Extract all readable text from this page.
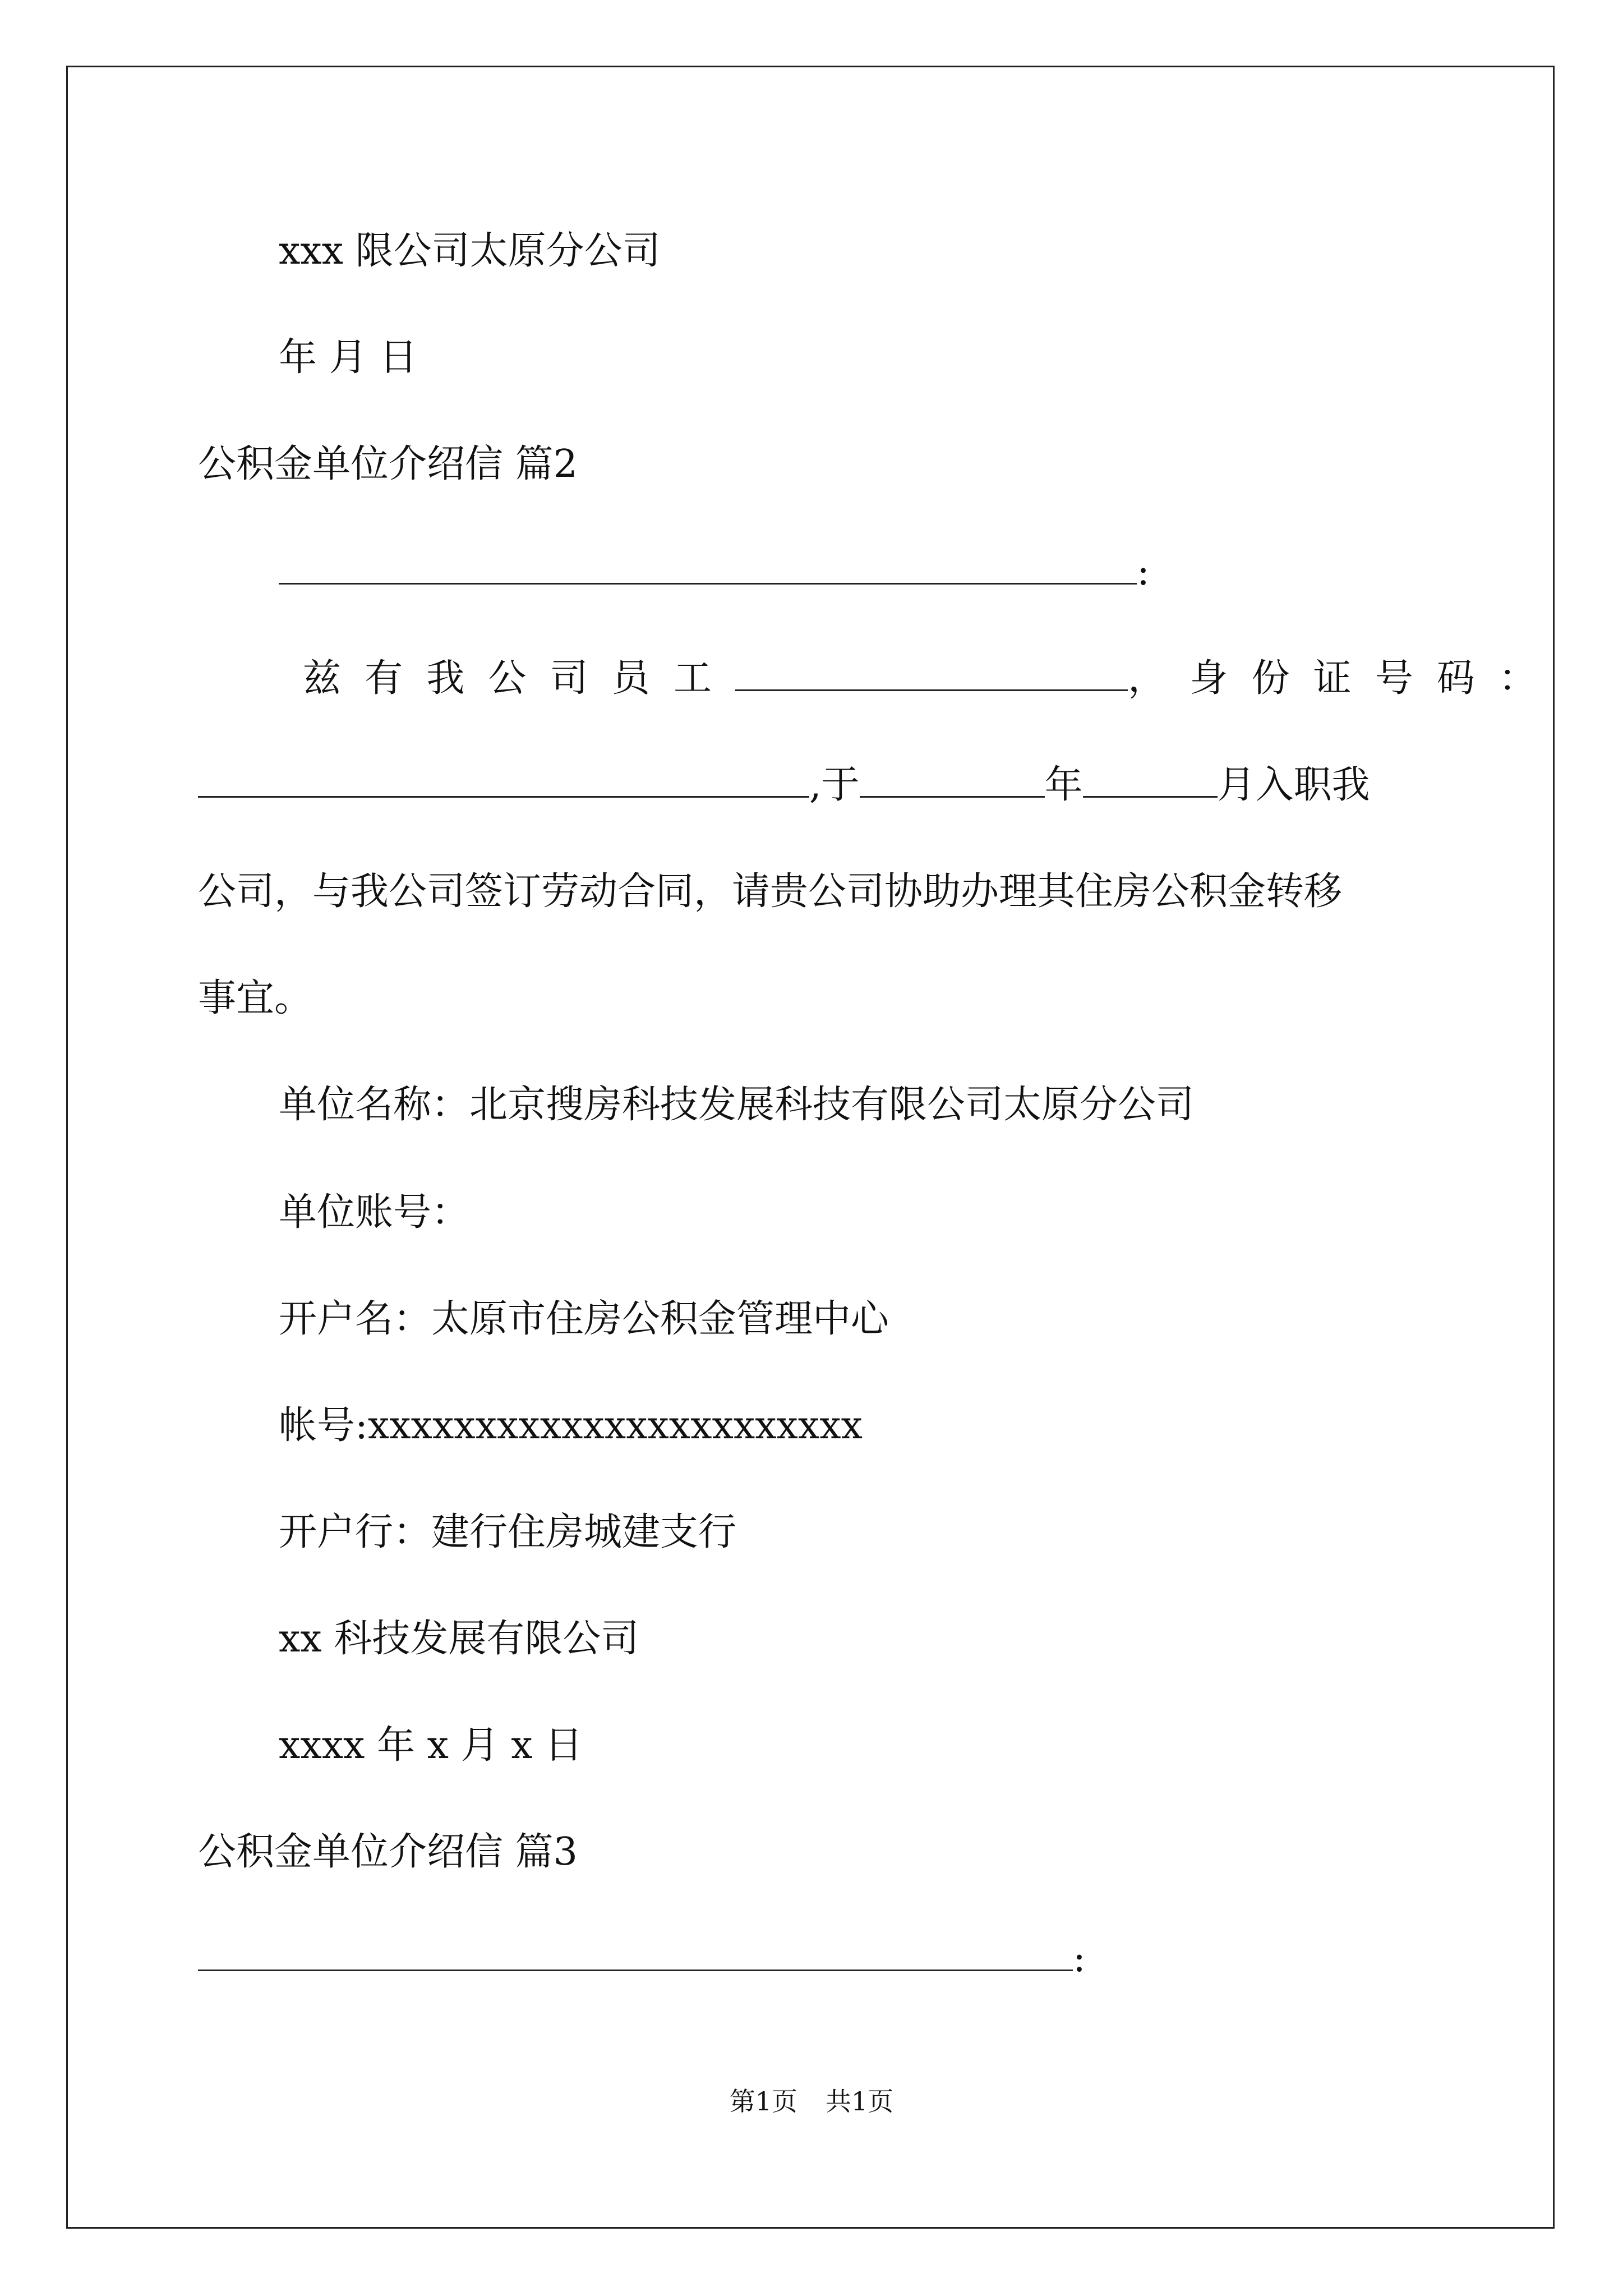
xxx 限公司太原分公司
年 月 日
公积金单位介绍信 篇2
:
兹有我公司员工	，身份证号码：
,于	年	月入职我
公司，与我公司签订劳动合同，请贵公司协助办理其住房公积金转移
事宜。
单位名称：北京搜房科技发展科技有限公司太原分公司
单位账号：
开户名：太原市住房公积金管理中心
帐号:xxxxxxxxxxxxxxxxxxxxxxx
开户行：建行住房城建支行
xx 科技发展有限公司
xxxx 年 x 月 x 日
公积金单位介绍信 篇3
:
第1页 共1页
